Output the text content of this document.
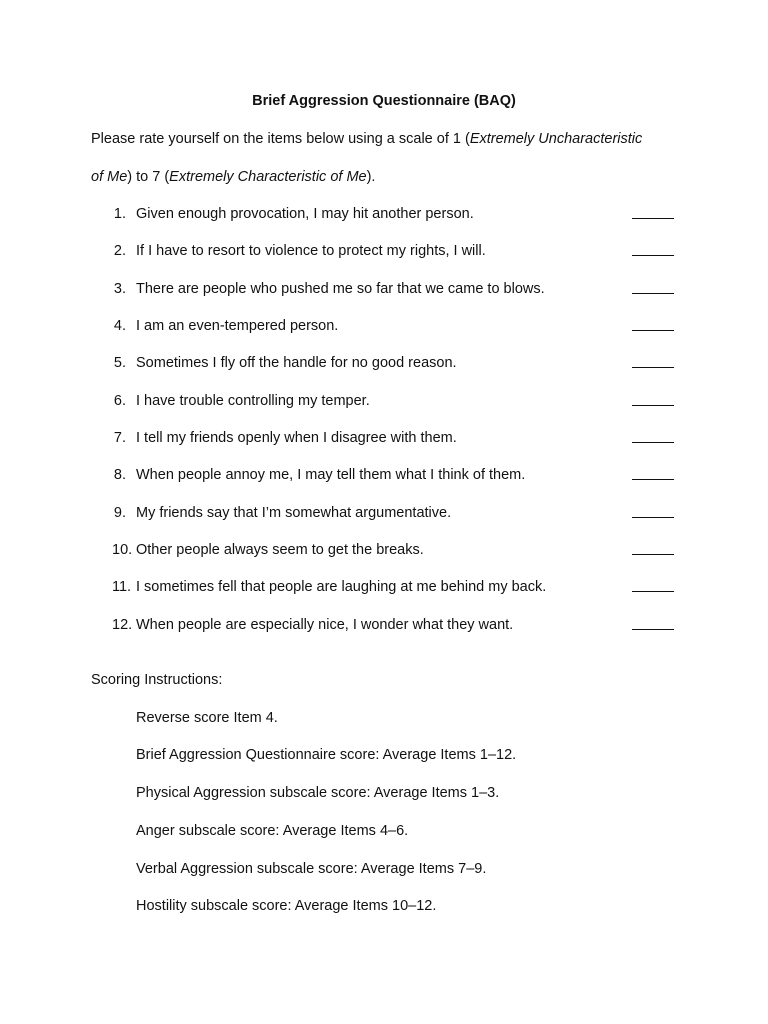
Brief Aggression Questionnaire (BAQ)
Please rate yourself on the items below using a scale of 1 (Extremely Uncharacteristic
of Me) to 7 (Extremely Characteristic of Me).
1. Given enough provocation, I may hit another person.
2. If I have to resort to violence to protect my rights, I will.
3. There are people who pushed me so far that we came to blows.
4. I am an even-tempered person.
5. Sometimes I fly off the handle for no good reason.
6. I have trouble controlling my temper.
7. I tell my friends openly when I disagree with them.
8. When people annoy me, I may tell them what I think of them.
9. My friends say that I’m somewhat argumentative.
10. Other people always seem to get the breaks.
11. I sometimes fell that people are laughing at me behind my back.
12. When people are especially nice, I wonder what they want.
Scoring Instructions:
Reverse score Item 4.
Brief Aggression Questionnaire score: Average Items 1–12.
Physical Aggression subscale score: Average Items 1–3.
Anger subscale score: Average Items 4–6.
Verbal Aggression subscale score: Average Items 7–9.
Hostility subscale score: Average Items 10–12.
